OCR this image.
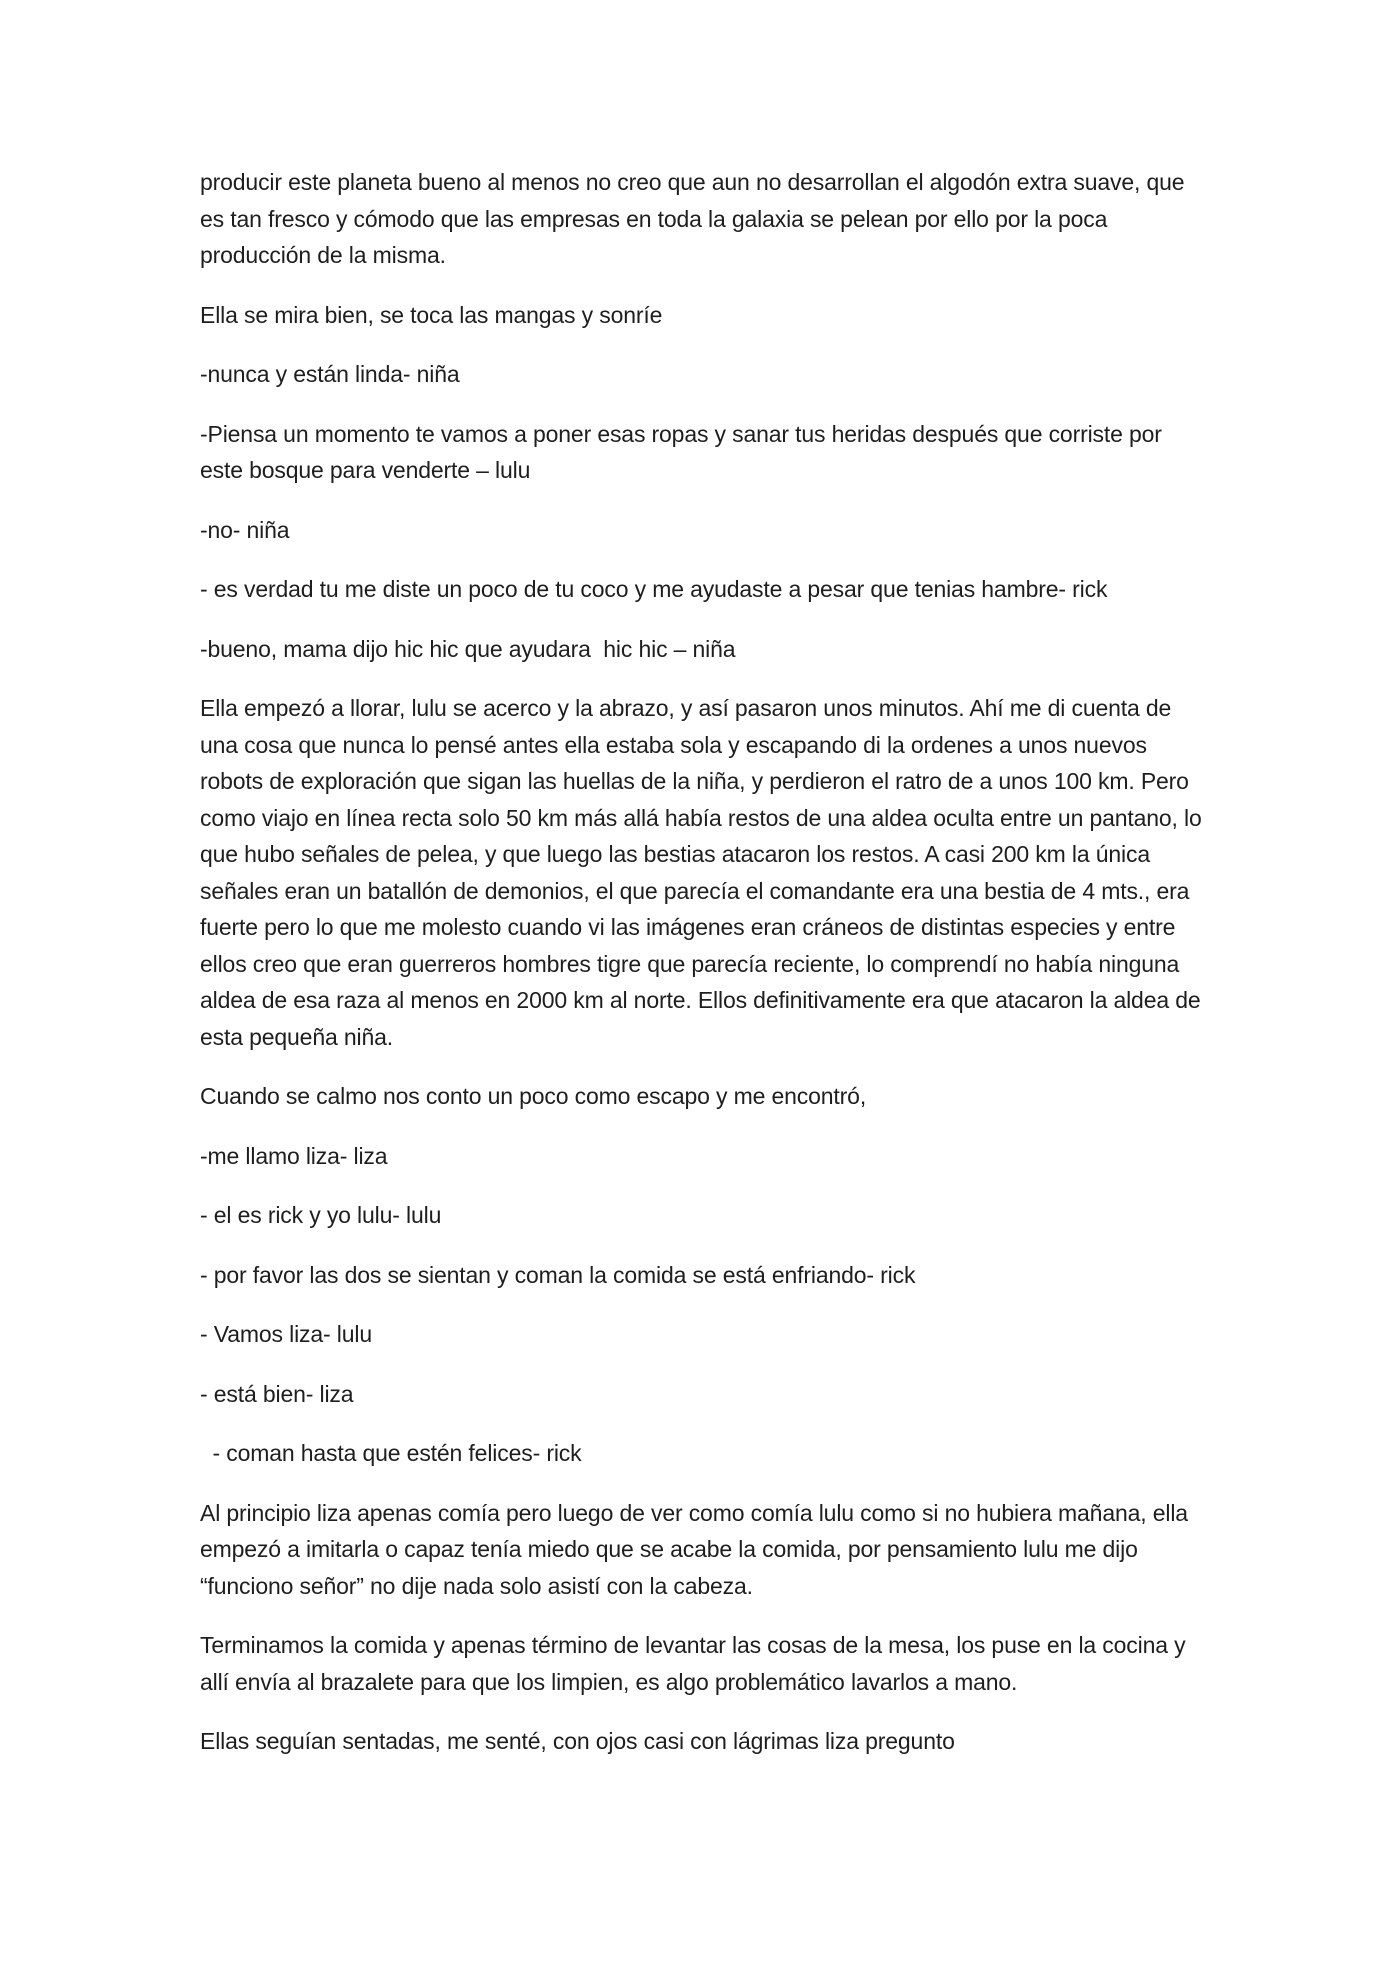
producir este planeta bueno al menos no creo que aun no desarrollan el algodón extra suave, que es tan fresco y cómodo que las empresas en toda la galaxia se pelean por ello por la poca producción de la misma.

Ella se mira bien, se toca las mangas y sonríe

-nunca y están linda- niña

-Piensa un momento te vamos a poner esas ropas y sanar tus heridas después que corriste por este bosque para venderte – lulu

-no- niña

- es verdad tu me diste un poco de tu coco y me ayudaste a pesar que tenias hambre- rick

-bueno, mama dijo hic hic que ayudara  hic hic – niña

Ella empezó a llorar, lulu se acerco y la abrazo, y así pasaron unos minutos. Ahí me di cuenta de una cosa que nunca lo pensé antes ella estaba sola y escapando di la ordenes a unos nuevos robots de exploración que sigan las huellas de la niña, y perdieron el ratro de a unos 100 km. Pero como viajo en línea recta solo 50 km más allá había restos de una aldea oculta entre un pantano, lo que hubo señales de pelea, y que luego las bestias atacaron los restos. A casi 200 km la única señales eran un batallón de demonios, el que parecía el comandante era una bestia de 4 mts., era fuerte pero lo que me molesto cuando vi las imágenes eran cráneos de distintas especies y entre ellos creo que eran guerreros hombres tigre que parecía reciente, lo comprendí no había ninguna aldea de esa raza al menos en 2000 km al norte. Ellos definitivamente era que atacaron la aldea de esta pequeña niña.

Cuando se calmo nos conto un poco como escapo y me encontró,

-me llamo liza- liza

- el es rick y yo lulu- lulu

- por favor las dos se sientan y coman la comida se está enfriando- rick

- Vamos liza- lulu

- está bien- liza

- coman hasta que estén felices- rick

Al principio liza apenas comía pero luego de ver como comía lulu como si no hubiera mañana, ella empezó a imitarla o capaz tenía miedo que se acabe la comida, por pensamiento lulu me dijo “funciono señor” no dije nada solo asistí con la cabeza.

Terminamos la comida y apenas término de levantar las cosas de la mesa, los puse en la cocina y allí envía al brazalete para que los limpien, es algo problemático lavarlos a mano.

Ellas seguían sentadas, me senté, con ojos casi con lágrimas liza pregunto
